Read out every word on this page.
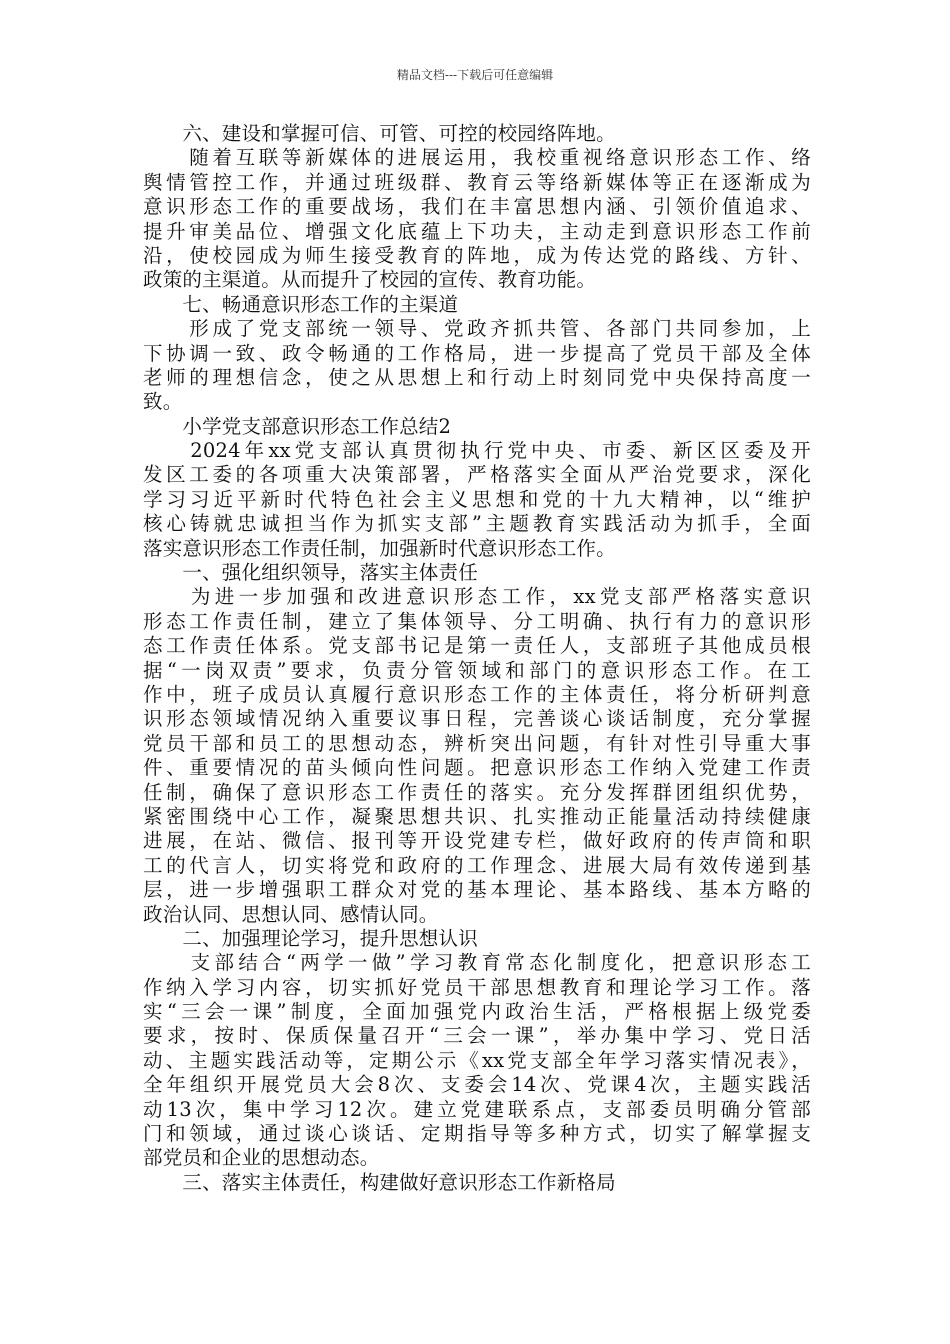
精品文档---下载后可任意编辑
　　六、建设和掌握可信、可管、可控的校园络阵地。
　　随着互联等新媒体的进展运用，我校重视络意识形态工作、络
舆情管控工作，并通过班级群、教育云等络新媒体等正在逐渐成为
意识形态工作的重要战场，我们在丰富思想内涵、引领价值追求、
提升审美品位、增强文化底蕴上下功夫，主动走到意识形态工作前
沿，使校园成为师生接受教育的阵地，成为传达党的路线、方针、
政策的主渠道。从而提升了校园的宣传、教育功能。
　　七、畅通意识形态工作的主渠道
　　形成了党支部统一领导、党政齐抓共管、各部门共同参加，上
下协调一致、政令畅通的工作格局，进一步提高了党员干部及全体
老师的理想信念，使之从思想上和行动上时刻同党中央保持高度一
致。
　　小学党支部意识形态工作总结2
　　2024年xx党支部认真贯彻执行党中央、市委、新区区委及开
发区工委的各项重大决策部署，严格落实全面从严治党要求，深化
学习习近平新时代特色社会主义思想和党的十九大精神，以“维护
核心铸就忠诚担当作为抓实支部”主题教育实践活动为抓手，全面
落实意识形态工作责任制，加强新时代意识形态工作。
　　一、强化组织领导，落实主体责任
　　为进一步加强和改进意识形态工作，xx党支部严格落实意识
形态工作责任制，建立了集体领导、分工明确、执行有力的意识形
态工作责任体系。党支部书记是第一责任人，支部班子其他成员根
据“一岗双责”要求，负责分管领域和部门的意识形态工作。在工
作中，班子成员认真履行意识形态工作的主体责任，将分析研判意
识形态领域情况纳入重要议事日程，完善谈心谈话制度，充分掌握
党员干部和员工的思想动态，辨析突出问题，有针对性引导重大事
件、重要情况的苗头倾向性问题。把意识形态工作纳入党建工作责
任制，确保了意识形态工作责任的落实。充分发挥群团组织优势，
紧密围绕中心工作，凝聚思想共识、扎实推动正能量活动持续健康
进展，在站、微信、报刊等开设党建专栏，做好政府的传声筒和职
工的代言人，切实将党和政府的工作理念、进展大局有效传递到基
层，进一步增强职工群众对党的基本理论、基本路线、基本方略的
政治认同、思想认同、感情认同。
　　二、加强理论学习，提升思想认识
　　支部结合“两学一做”学习教育常态化制度化，把意识形态工
作纳入学习内容，切实抓好党员干部思想教育和理论学习工作。落
实“三会一课”制度，全面加强党内政治生活，严格根据上级党委
要求，按时、保质保量召开“三会一课”，举办集中学习、党日活
动、主题实践活动等，定期公示《xx党支部全年学习落实情况表》，
全年组织开展党员大会8次、支委会14次、党课4次，主题实践活
动13次，集中学习12次。建立党建联系点，支部委员明确分管部
门和领域，通过谈心谈话、定期指导等多种方式，切实了解掌握支
部党员和企业的思想动态。
　　三、落实主体责任，构建做好意识形态工作新格局
